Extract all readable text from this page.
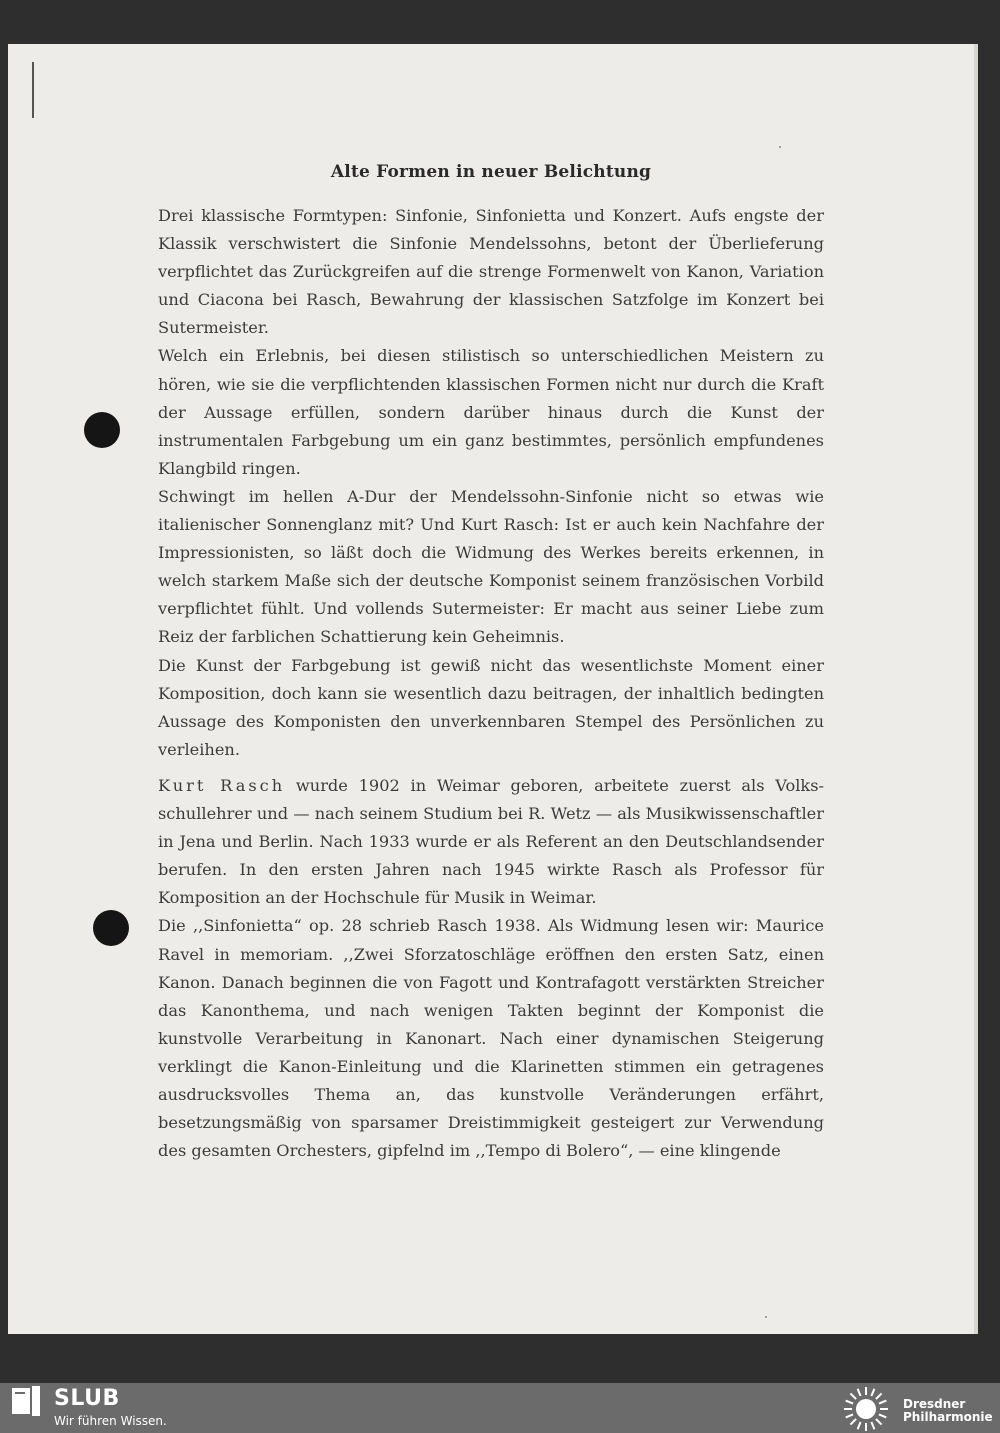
Alte Formen in neuer Belichtung

Drei klassische Formtypen: Sinfonie, Sinfonietta und Konzert. Aufs engste der Klassik verschwistert die Sinfonie Mendelssohns, betont der Überlieferung verpflichtet das Zurückgreifen auf die strenge Formenwelt von Kanon, Variation und Ciacona bei Rasch, Bewahrung der klassischen Satzfolge im Konzert bei Sutermeister.

Welch ein Erlebnis, bei diesen stilistisch so unterschiedlichen Meistern zu hören, wie sie die verpflichtenden klassischen Formen nicht nur durch die Kraft der Aussage erfüllen, sondern darüber hinaus durch die Kunst der instrumentalen Farbgebung um ein ganz bestimmtes, persönlich empfundenes Klangbild ringen.

Schwingt im hellen A-Dur der Mendelssohn-Sinfonie nicht so etwas wie italienischer Sonnenglanz mit? Und Kurt Rasch: Ist er auch kein Nachfahre der Impressionisten, so läßt doch die Widmung des Werkes bereits erkennen, in welch starkem Maße sich der deutsche Komponist seinem französischen Vorbild verpflichtet fühlt. Und vollends Sutermeister: Er macht aus seiner Liebe zum Reiz der farblichen Schattierung kein Geheimnis.

Die Kunst der Farbgebung ist gewiß nicht das wesentlichste Moment einer Komposition, doch kann sie wesentlich dazu beitragen, der inhaltlich bedingten Aussage des Komponisten den unverkennbaren Stempel des Persönlichen zu verleihen.

Kurt Rasch wurde 1902 in Weimar geboren, arbeitete zuerst als Volksschullehrer und — nach seinem Studium bei R. Wetz — als Musikwissenschaftler in Jena und Berlin. Nach 1933 wurde er als Referent an den Deutschlandsender berufen. In den ersten Jahren nach 1945 wirkte Rasch als Professor für Komposition an der Hochschule für Musik in Weimar.

Die ,,Sinfonietta“ op. 28 schrieb Rasch 1938. Als Widmung lesen wir: Maurice Ravel in memoriam. ,,Zwei Sforzatoschläge eröffnen den ersten Satz, einen Kanon. Danach beginnen die von Fagott und Kontrafagott verstärkten Streicher das Kanonthema, und nach wenigen Takten beginnt der Komponist die kunstvolle Verarbeitung in Kanonart. Nach einer dynamischen Steigerung verklingt die Kanon-Einleitung und die Klarinetten stimmen ein getragenes ausdrucksvolles Thema an, das kunstvolle Veränderungen erfährt, besetzungsmäßig von sparsamer Dreistimmigkeit gesteigert zur Verwendung des gesamten Orchesters, gipfelnd im ,,Tempo di Bolero“, — eine klingende

SLUB
Wir führen Wissen.
Dresdner
Philharmonie
